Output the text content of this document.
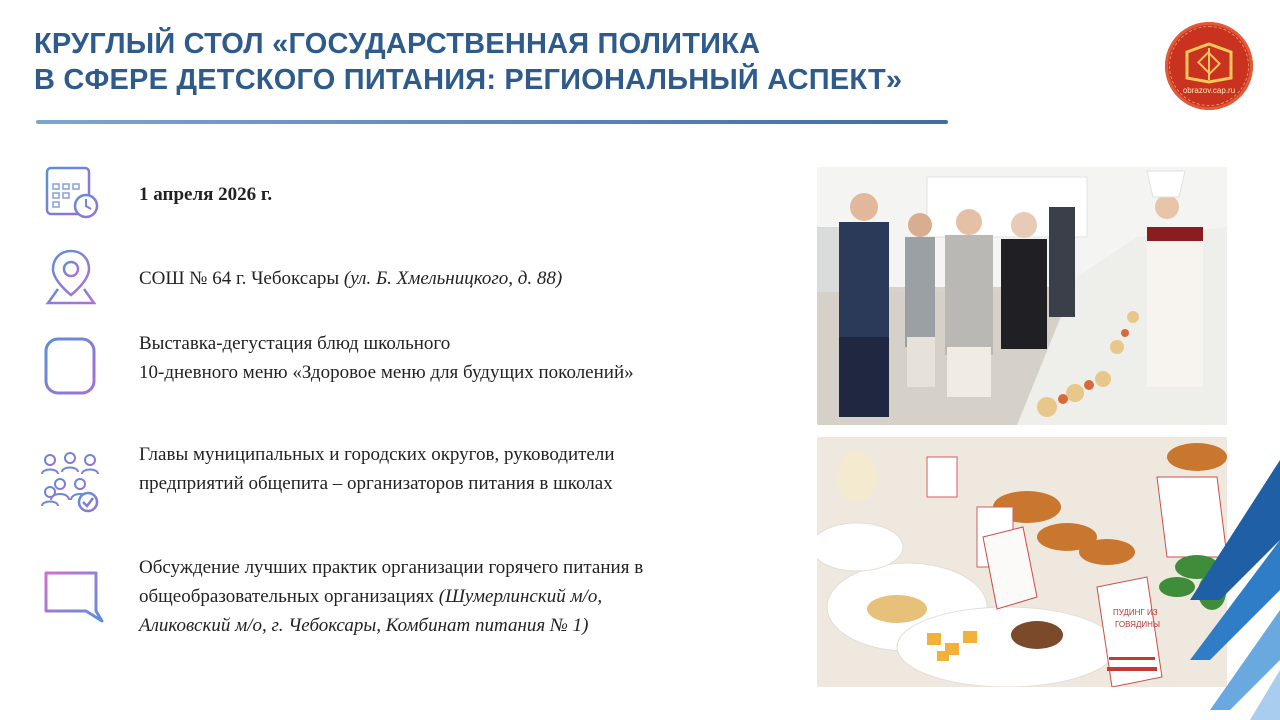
КРУГЛЫЙ СТОЛ «ГОСУДАРСТВЕННАЯ ПОЛИТИКА
В СФЕРЕ ДЕТСКОГО ПИТАНИЯ: РЕГИОНАЛЬНЫЙ АСПЕКТ»	obrazov.cap.ru
1 апреля 2026 г.
СОШ № 64 г. Чебоксары (ул. Б. Хмельницкого, д. 88)
Выставка-дегустация блюд школьного
10-дневного меню «Здоровое меню для будущих поколений»
Главы муниципальных и городских округов, руководители
предприятий общепита – организаторов питания в школах
Обсуждение лучших практик организации горячего питания в
общеобразовательных организациях (Шумерлинский м/о,
Аликовский м/о, г. Чебоксары, Комбинат питания № 1)
ПУДИНГ ИЗ
ГОВЯДИНЫ
